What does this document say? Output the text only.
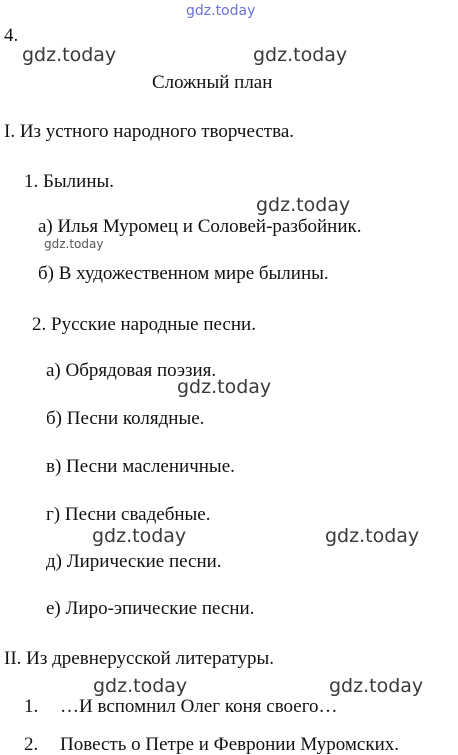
gdz.today
gdz.today	gdz.today
gdz.today
gdz.today
gdz.today
gdz.today	gdz.today
gdz.today	gdz.today
4.
Сложный план
I. Из устного народного творчества.
1. Былины.
а) Илья Муромец и Соловей-разбойник.
б) В художественном мире былины.
2. Русские народные песни.
а) Обрядовая поэзия.
б) Песни колядные.
в) Песни масленичные.
г) Песни свадебные.
д) Лирические песни.
е) Лиро-эпические песни.
II. Из древнерусской литературы.
1. …И вспомнил Олег коня своего…
2. Повесть о Петре и Февронии Муромских.
